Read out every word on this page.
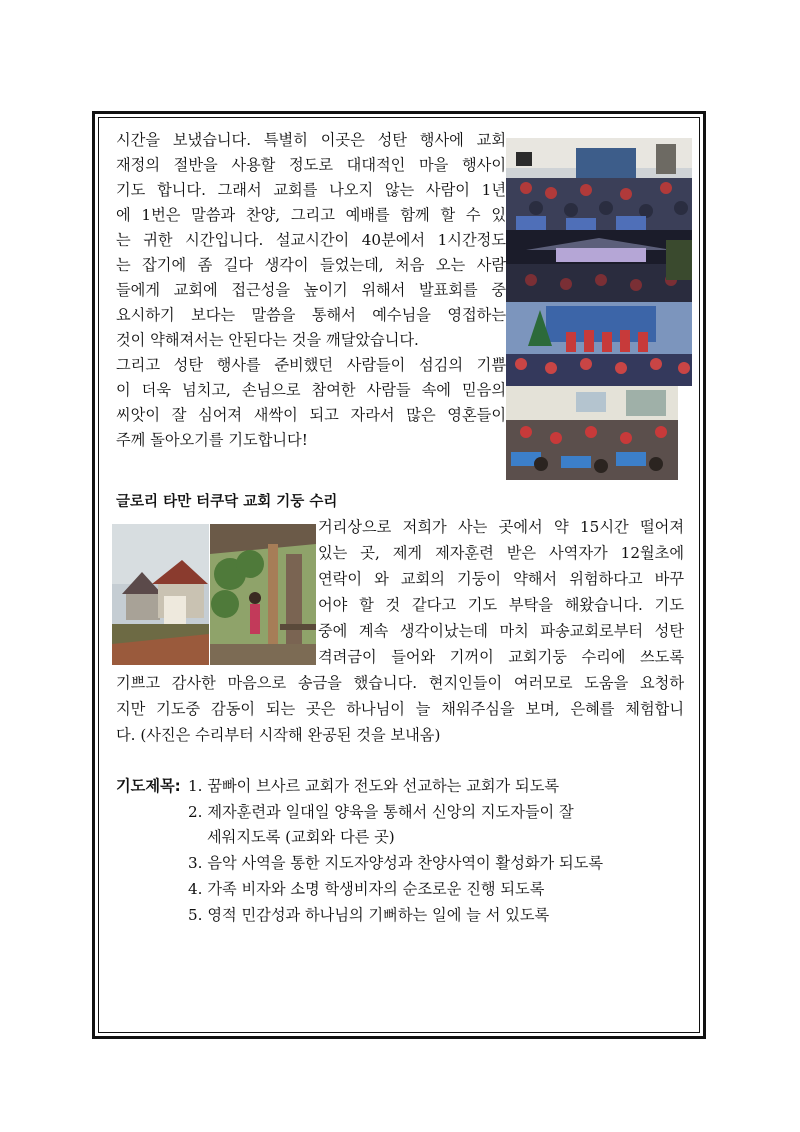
시간을 보냈습니다. 특별히 이곳은 성탄 행사에 교회
재정의 절반을 사용할 정도로 대대적인 마을 행사이
기도 합니다. 그래서 교회를 나오지 않는 사람이 1년
에 1번은 말씀과 찬양, 그리고 예배를 함께 할 수 있
는 귀한 시간입니다. 설교시간이 40분에서 1시간정도
는 잡기에 좀 길다 생각이 들었는데, 처음 오는 사람
들에게 교회에 접근성을 높이기 위해서 발표회를 중
요시하기 보다는 말씀을 통해서 예수님을 영접하는
것이 약해져서는 안된다는 것을 깨달았습니다.
그리고 성탄 행사를 준비했던 사람들이 섬김의 기쁨
이 더욱 넘치고, 손님으로 참여한 사람들 속에 믿음의
씨앗이 잘 심어져 새싹이 되고 자라서 많은 영혼들이
주께 돌아오기를 기도합니다!
글로리 타만 터쿠닥 교회 기둥 수리
거리상으로 저희가 사는 곳에서 약 15시간 떨어져
있는 곳, 제게 제자훈련 받은 사역자가 12월초에
연락이 와 교회의 기둥이 약해서 위험하다고 바꾸
어야 할 것 같다고 기도 부탁을 해왔습니다. 기도
중에 계속 생각이났는데 마치 파송교회로부터 성탄
격려금이 들어와 기꺼이 교회기둥 수리에 쓰도록
기쁘고 감사한 마음으로 송금을 했습니다. 현지인들이 여러모로 도움을 요청하
지만 기도중 감동이 되는 곳은 하나님이 늘 채워주심을 보며, 은혜를 체험합니
다. (사진은 수리부터 시작해 완공된 것을 보내옴)
기도제목: 1. 꿈빠이 브사르 교회가 전도와 선교하는 교회가 되도록
2. 제자훈련과 일대일 양육을 통해서 신앙의 지도자들이 잘
세워지도록 (교회와 다른 곳)
3. 음악 사역을 통한 지도자양성과 찬양사역이 활성화가 되도록
4. 가족 비자와 소명 학생비자의 순조로운 진행 되도록
5. 영적 민감성과 하나님의 기뻐하는 일에 늘 서 있도록
